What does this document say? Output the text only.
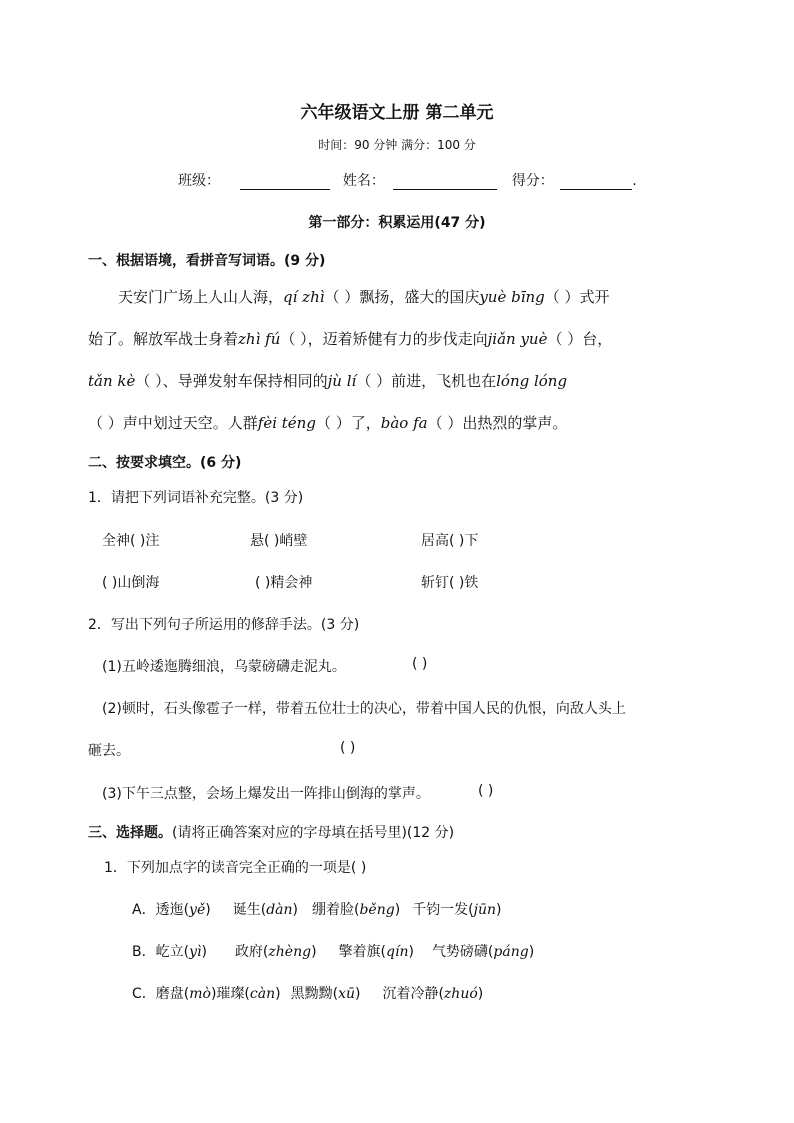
六年级语文上册 第二单元
时间：90 分钟 满分：100 分
班级：	姓名：	得分：	.
第一部分：积累运用(47 分)
一、根据语境，看拼音写词语。(9 分)
天安门广场上人山人海，qí zhì（ ）飘扬，盛大的国庆yuè bīng（ ）式开
始了。解放军战士身着zhì fú（ ），迈着矫健有力的步伐走向jiǎn yuè（ ）台，
tǎn kè（ ）、导弹发射车保持相同的jù lí（ ）前进，飞机也在lóng lóng
（ ）声中划过天空。人群fèi téng（ ）了，bào fa（ ）出热烈的掌声。
二、按要求填空。(6 分)
1．请把下列词语补充完整。(3 分)
全神( )注	悬( )峭壁	居高( )下
( )山倒海	( )精会神	斩钉( )铁
2．写出下列句子所运用的修辞手法。(3 分)
(1)五岭逶迤腾细浪，乌蒙磅礴走泥丸。	( )
(2)顿时，石头像雹子一样，带着五位壮士的决心，带着中国人民的仇恨，向敌人头上
砸去。	( )
(3)下午三点整，会场上爆发出一阵排山倒海的掌声。	( )
三、选择题。(请将正确答案对应的字母填在括号里)(12 分)
1．下列加点字的读音完全正确的一项是( )
A．透迤(yě) 诞生(dàn) 绷着脸(běng) 千钧一发(jūn)
B．屹立(yì) 政府(zhèng) 擎着旗(qín) 气势磅礴(páng)
C．磨盘(mò)璀璨(càn) 黑黝黝(xū) 沉着冷静(zhuó)
